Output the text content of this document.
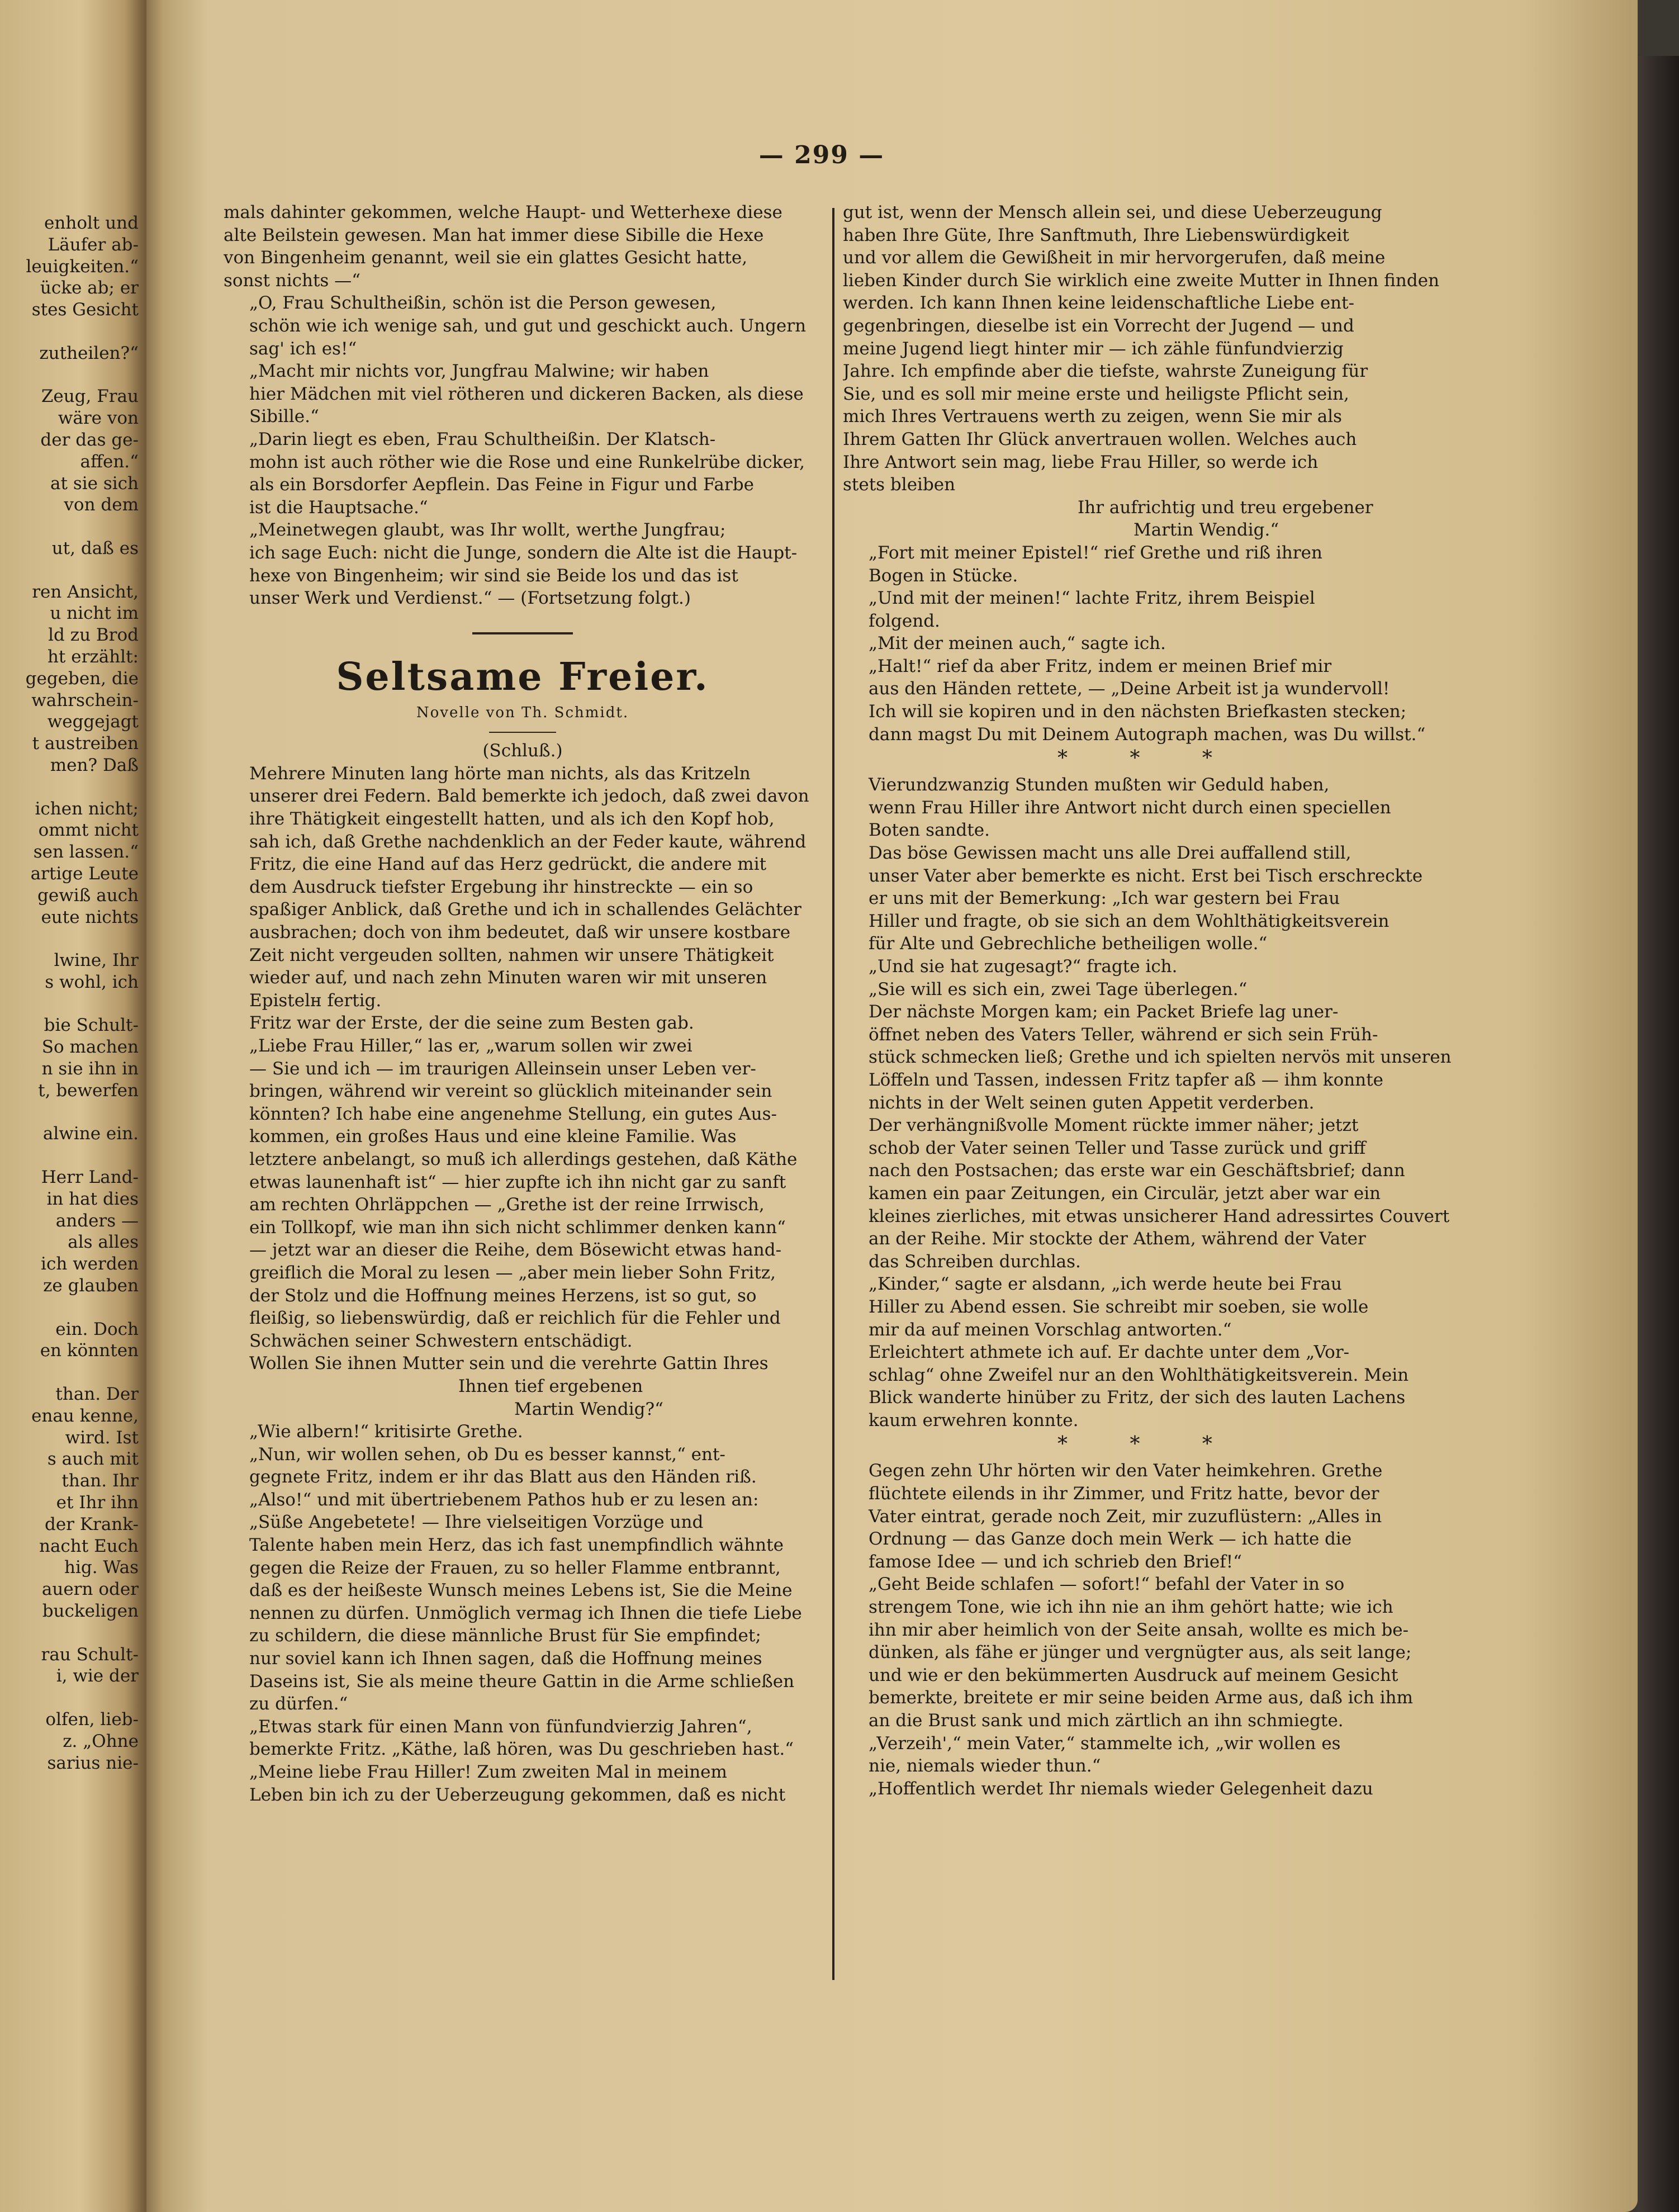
enholt und
Läufer ab-
leuigkeiten.“
ücke ab; er
stes Gesicht

zutheilen?“

Zeug, Frau
wäre von
der das ge-
affen.“
at sie sich
von dem

ut, daß es

ren Ansicht,
u nicht im
ld zu Brod
ht erzählt:
gegeben, die
wahrschein-
weggejagt
t austreiben
men? Daß

ichen nicht;
ommt nicht
sen lassen.“
artige Leute
gewiß auch
eute nichts

lwine, Ihr
s wohl, ich

bie Schult-
So machen
n sie ihn in
t, bewerfen

alwine ein.

Herr Land-
in hat dies
anders —
als alles
ich werden
ze glauben

ein. Doch
en könnten

than. Der
enau kenne,
wird. Ist
s auch mit
than. Ihr
et Ihr ihn
der Krank-
nacht Euch
hig. Was
auern oder
buckeligen

rau Schult-
i, wie der

olfen, lieb-
z. „Ohne
sarius nie-
— 299 —
mals dahinter gekommen, welche Haupt- und Wetterhexe diese
alte Beilstein gewesen. Man hat immer diese Sibille die Hexe
von Bingenheim genannt, weil sie ein glattes Gesicht hatte,
sonst nichts —“
„O, Frau Schultheißin, schön ist die Person gewesen,
schön wie ich wenige sah, und gut und geschickt auch. Ungern
sag' ich es!“
„Macht mir nichts vor, Jungfrau Malwine; wir haben
hier Mädchen mit viel rötheren und dickeren Backen, als diese
Sibille.“
„Darin liegt es eben, Frau Schultheißin. Der Klatsch-
mohn ist auch röther wie die Rose und eine Runkelrübe dicker,
als ein Borsdorfer Aepflein. Das Feine in Figur und Farbe
ist die Hauptsache.“
„Meinetwegen glaubt, was Ihr wollt, werthe Jungfrau;
ich sage Euch: nicht die Junge, sondern die Alte ist die Haupt-
hexe von Bingenheim; wir sind sie Beide los und das ist
unser Werk und Verdienst.“ — (Fortsetzung folgt.)
Seltsame Freier.
Novelle von Th. Schmidt.
(Schluß.)
Mehrere Minuten lang hörte man nichts, als das Kritzeln
unserer drei Federn. Bald bemerkte ich jedoch, daß zwei davon
ihre Thätigkeit eingestellt hatten, und als ich den Kopf hob,
sah ich, daß Grethe nachdenklich an der Feder kaute, während
Fritz, die eine Hand auf das Herz gedrückt, die andere mit
dem Ausdruck tiefster Ergebung ihr hinstreckte — ein so
spaßiger Anblick, daß Grethe und ich in schallendes Gelächter
ausbrachen; doch von ihm bedeutet, daß wir unsere kostbare
Zeit nicht vergeuden sollten, nahmen wir unsere Thätigkeit
wieder auf, und nach zehn Minuten waren wir mit unseren
Epistelн fertig.
Fritz war der Erste, der die seine zum Besten gab.
„Liebe Frau Hiller,“ las er, „warum sollen wir zwei
— Sie und ich — im traurigen Alleinsein unser Leben ver-
bringen, während wir vereint so glücklich miteinander sein
könnten? Ich habe eine angenehme Stellung, ein gutes Aus-
kommen, ein großes Haus und eine kleine Familie. Was
letztere anbelangt, so muß ich allerdings gestehen, daß Käthe
etwas launenhaft ist“ — hier zupfte ich ihn nicht gar zu sanft
am rechten Ohrläppchen — „Grethe ist der reine Irrwisch,
ein Tollkopf, wie man ihn sich nicht schlimmer denken kann“
— jetzt war an dieser die Reihe, dem Bösewicht etwas hand-
greiflich die Moral zu lesen — „aber mein lieber Sohn Fritz,
der Stolz und die Hoffnung meines Herzens, ist so gut, so
fleißig, so liebenswürdig, daß er reichlich für die Fehler und
Schwächen seiner Schwestern entschädigt.
Wollen Sie ihnen Mutter sein und die verehrte Gattin Ihres
Ihnen tief ergebenen
Martin Wendig?“
„Wie albern!“ kritisirte Grethe.
„Nun, wir wollen sehen, ob Du es besser kannst,“ ent-
gegnete Fritz, indem er ihr das Blatt aus den Händen riß.
„Also!“ und mit übertriebenem Pathos hub er zu lesen an:
„Süße Angebetete! — Ihre vielseitigen Vorzüge und
Talente haben mein Herz, das ich fast unempfindlich wähnte
gegen die Reize der Frauen, zu so heller Flamme entbrannt,
daß es der heißeste Wunsch meines Lebens ist, Sie die Meine
nennen zu dürfen. Unmöglich vermag ich Ihnen die tiefe Liebe
zu schildern, die diese männliche Brust für Sie empfindet;
nur soviel kann ich Ihnen sagen, daß die Hoffnung meines
Daseins ist, Sie als meine theure Gattin in die Arme schließen
zu dürfen.“
„Etwas stark für einen Mann von fünfundvierzig Jahren“,
bemerkte Fritz. „Käthe, laß hören, was Du geschrieben hast.“
„Meine liebe Frau Hiller! Zum zweiten Mal in meinem
Leben bin ich zu der Ueberzeugung gekommen, daß es nicht
gut ist, wenn der Mensch allein sei, und diese Ueberzeugung
haben Ihre Güte, Ihre Sanftmuth, Ihre Liebenswürdigkeit
und vor allem die Gewißheit in mir hervorgerufen, daß meine
lieben Kinder durch Sie wirklich eine zweite Mutter in Ihnen finden
werden. Ich kann Ihnen keine leidenschaftliche Liebe ent-
gegenbringen, dieselbe ist ein Vorrecht der Jugend — und
meine Jugend liegt hinter mir — ich zähle fünfundvierzig
Jahre. Ich empfinde aber die tiefste, wahrste Zuneigung für
Sie, und es soll mir meine erste und heiligste Pflicht sein,
mich Ihres Vertrauens werth zu zeigen, wenn Sie mir als
Ihrem Gatten Ihr Glück anvertrauen wollen. Welches auch
Ihre Antwort sein mag, liebe Frau Hiller, so werde ich
stets bleiben
Ihr aufrichtig und treu ergebener
Martin Wendig.“
„Fort mit meiner Epistel!“ rief Grethe und riß ihren
Bogen in Stücke.
„Und mit der meinen!“ lachte Fritz, ihrem Beispiel
folgend.
„Mit der meinen auch,“ sagte ich.
„Halt!“ rief da aber Fritz, indem er meinen Brief mir
aus den Händen rettete, — „Deine Arbeit ist ja wundervoll!
Ich will sie kopiren und in den nächsten Briefkasten stecken;
dann magst Du mit Deinem Autograph machen, was Du willst.“
* * *
Vierundzwanzig Stunden mußten wir Geduld haben,
wenn Frau Hiller ihre Antwort nicht durch einen speciellen
Boten sandte.
Das böse Gewissen macht uns alle Drei auffallend still,
unser Vater aber bemerkte es nicht. Erst bei Tisch erschreckte
er uns mit der Bemerkung: „Ich war gestern bei Frau
Hiller und fragte, ob sie sich an dem Wohlthätigkeitsverein
für Alte und Gebrechliche betheiligen wolle.“
„Und sie hat zugesagt?“ fragte ich.
„Sie will es sich ein, zwei Tage überlegen.“
Der nächste Morgen kam; ein Packet Briefe lag uner-
öffnet neben des Vaters Teller, während er sich sein Früh-
stück schmecken ließ; Grethe und ich spielten nervös mit unseren
Löffeln und Tassen, indessen Fritz tapfer aß — ihm konnte
nichts in der Welt seinen guten Appetit verderben.
Der verhängnißvolle Moment rückte immer näher; jetzt
schob der Vater seinen Teller und Tasse zurück und griff
nach den Postsachen; das erste war ein Geschäftsbrief; dann
kamen ein paar Zeitungen, ein Circulär, jetzt aber war ein
kleines zierliches, mit etwas unsicherer Hand adressirtes Couvert
an der Reihe. Mir stockte der Athem, während der Vater
das Schreiben durchlas.
„Kinder,“ sagte er alsdann, „ich werde heute bei Frau
Hiller zu Abend essen. Sie schreibt mir soeben, sie wolle
mir da auf meinen Vorschlag antworten.“
Erleichtert athmete ich auf. Er dachte unter dem „Vor-
schlag“ ohne Zweifel nur an den Wohlthätigkeitsverein. Mein
Blick wanderte hinüber zu Fritz, der sich des lauten Lachens
kaum erwehren konnte.
* * *
Gegen zehn Uhr hörten wir den Vater heimkehren. Grethe
flüchtete eilends in ihr Zimmer, und Fritz hatte, bevor der
Vater eintrat, gerade noch Zeit, mir zuzuflüstern: „Alles in
Ordnung — das Ganze doch mein Werk — ich hatte die
famose Idee — und ich schrieb den Brief!“
„Geht Beide schlafen — sofort!“ befahl der Vater in so
strengem Tone, wie ich ihn nie an ihm gehört hatte; wie ich
ihn mir aber heimlich von der Seite ansah, wollte es mich be-
dünken, als fähe er jünger und vergnügter aus, als seit lange;
und wie er den bekümmerten Ausdruck auf meinem Gesicht
bemerkte, breitete er mir seine beiden Arme aus, daß ich ihm
an die Brust sank und mich zärtlich an ihn schmiegte.
„Verzeih',“ mein Vater,“ stammelte ich, „wir wollen es
nie, niemals wieder thun.“
„Hoffentlich werdet Ihr niemals wieder Gelegenheit dazu
